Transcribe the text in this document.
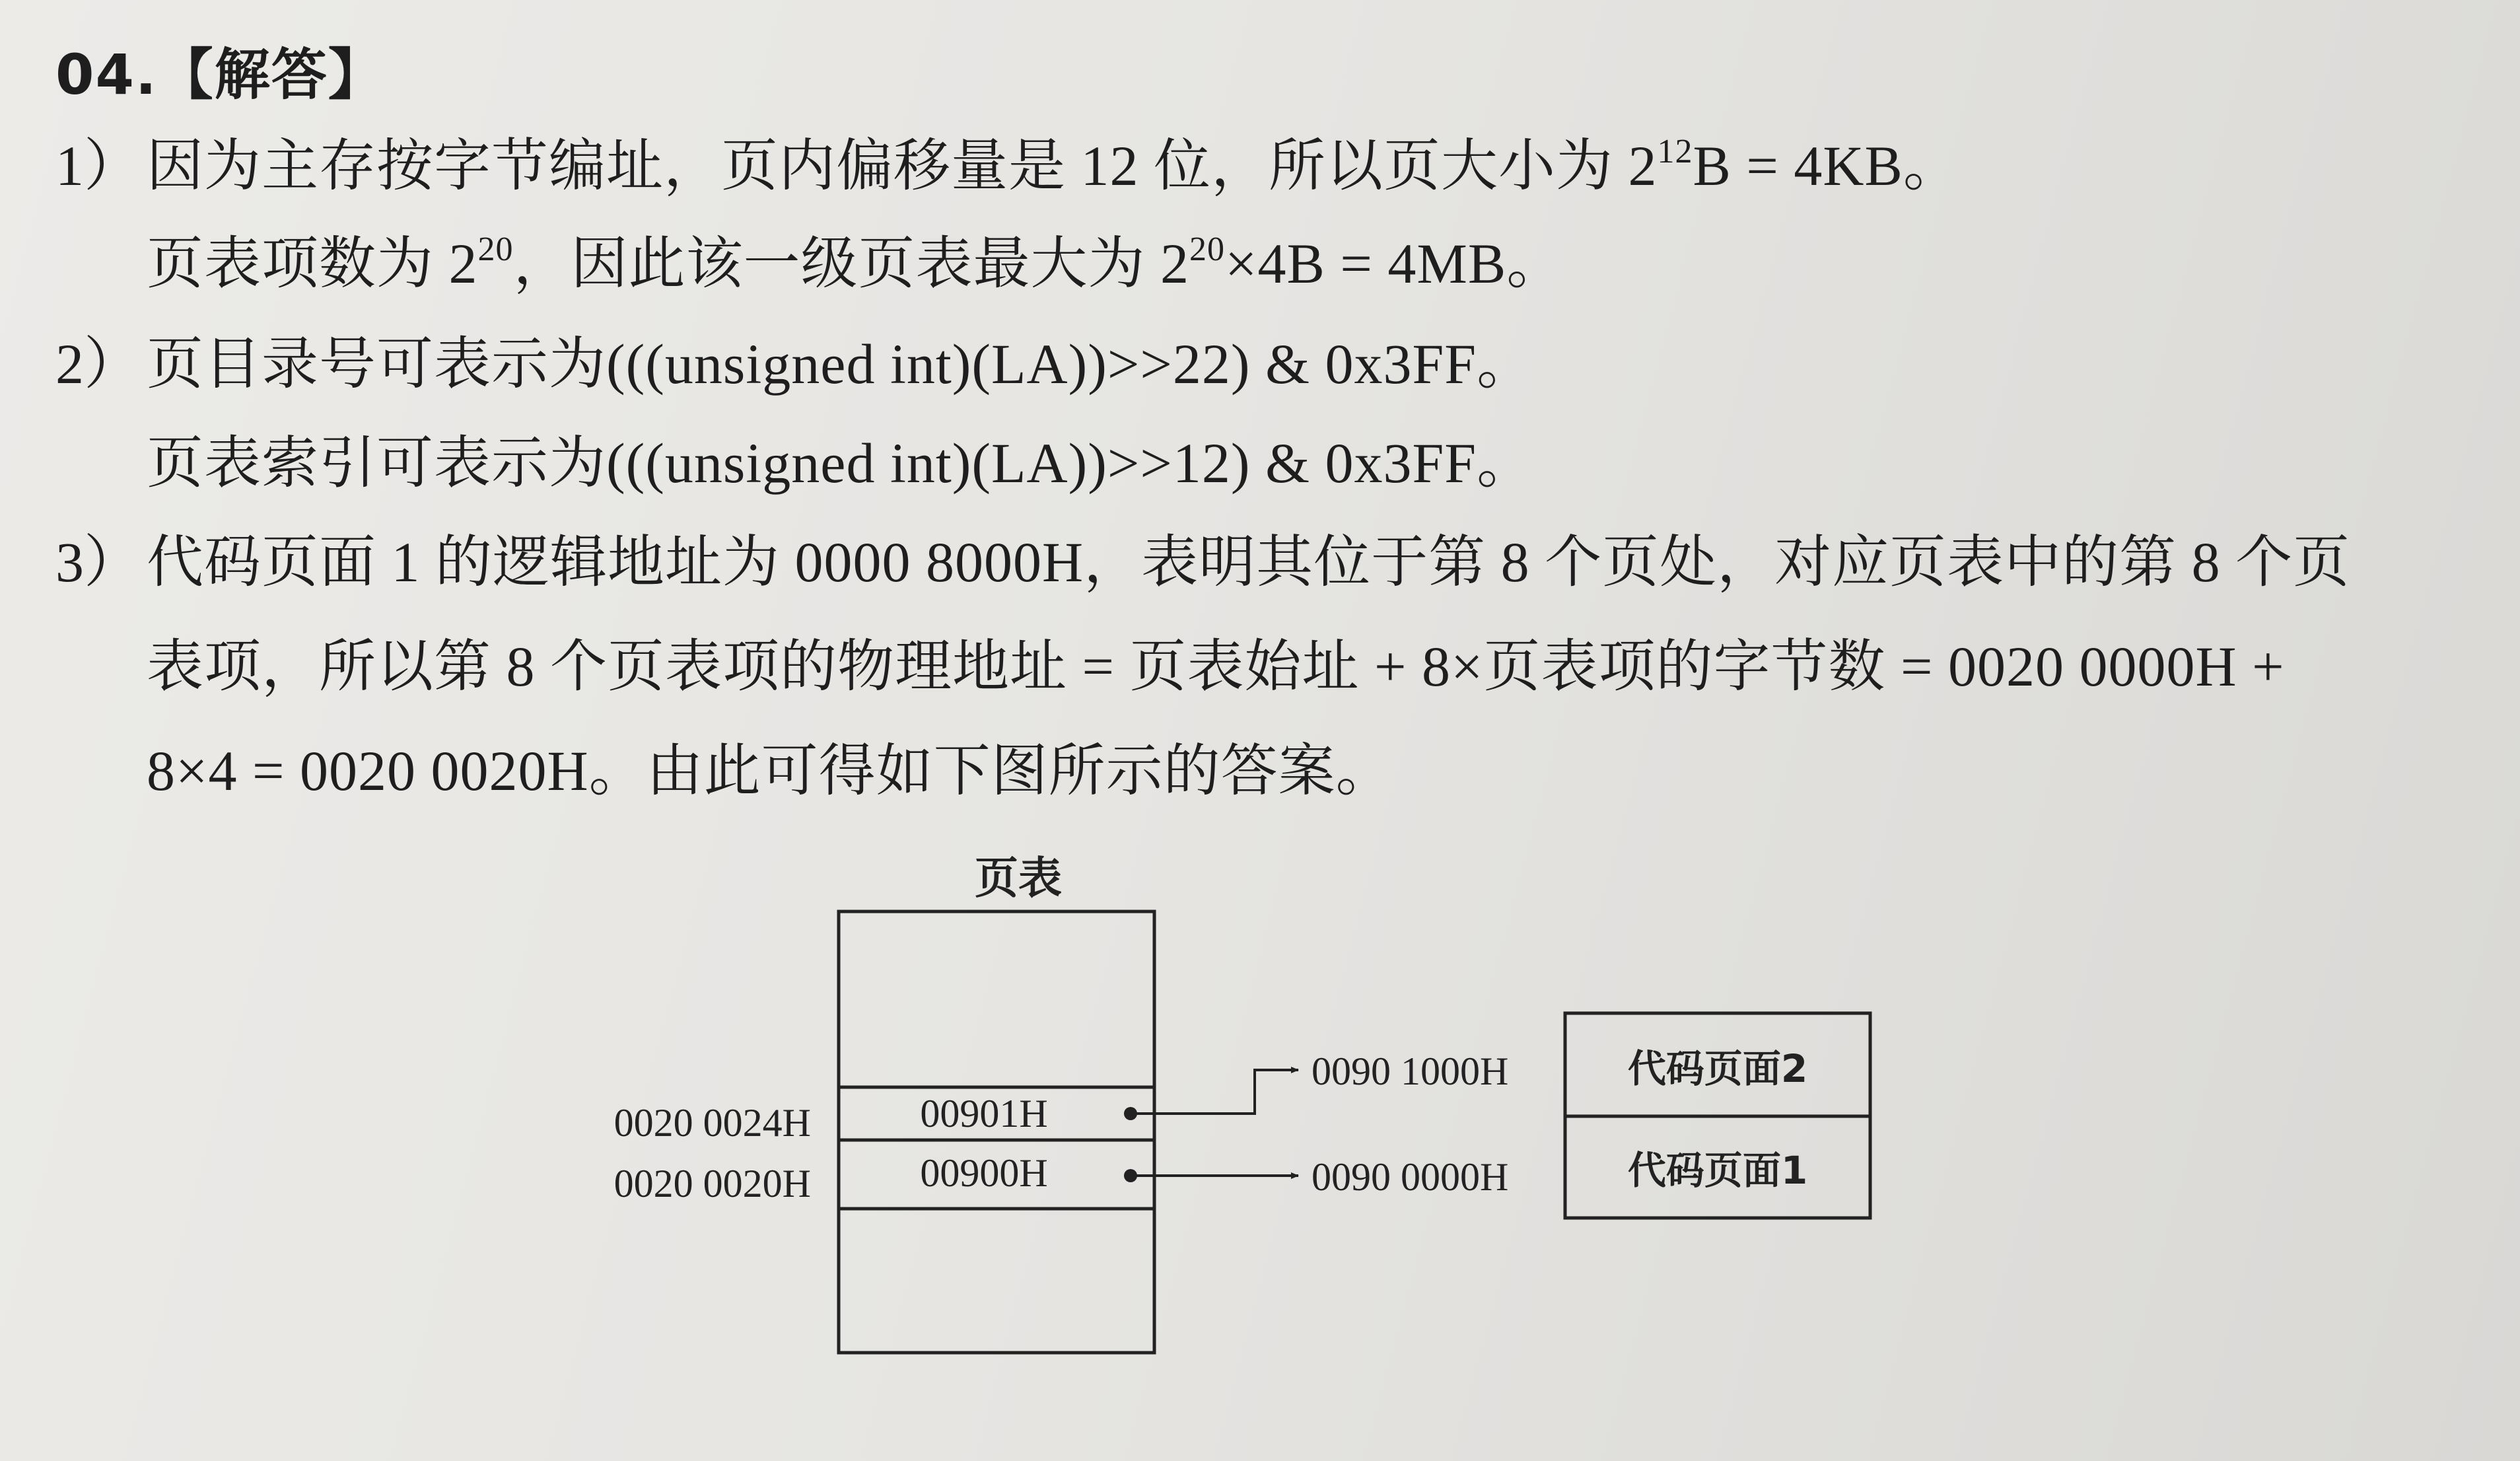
04.【解答】
1） 因为主存按字节编址，页内偏移量是 12 位，所以页大小为 $2^{12}B = 4KB$。
页表项数为 $2^{20}$，因此该一级页表最大为 $2^{20}\times 4B = 4MB$。
2） 页目录号可表示为(((unsigned int)(LA))>>22) & 0x3FF。
页表索引可表示为(((unsigned int)(LA))>>12) & 0x3FF。
3） 代码页面 1 的逻辑地址为 0000 8000H，表明其位于第 8 个页处，对应页表中的第 8 个页
表项，所以第 8 个页表项的物理地址 = 页表始址 + 8×页表项的字节数 = 0020 0000H +
8×4 = 0020 0020H。由此可得如下图所示的答案。
页表
0020 0024H	00901H
0090 1000H
0020 0020H	00900H	0090 0000H
代码页面2
代码页面1
